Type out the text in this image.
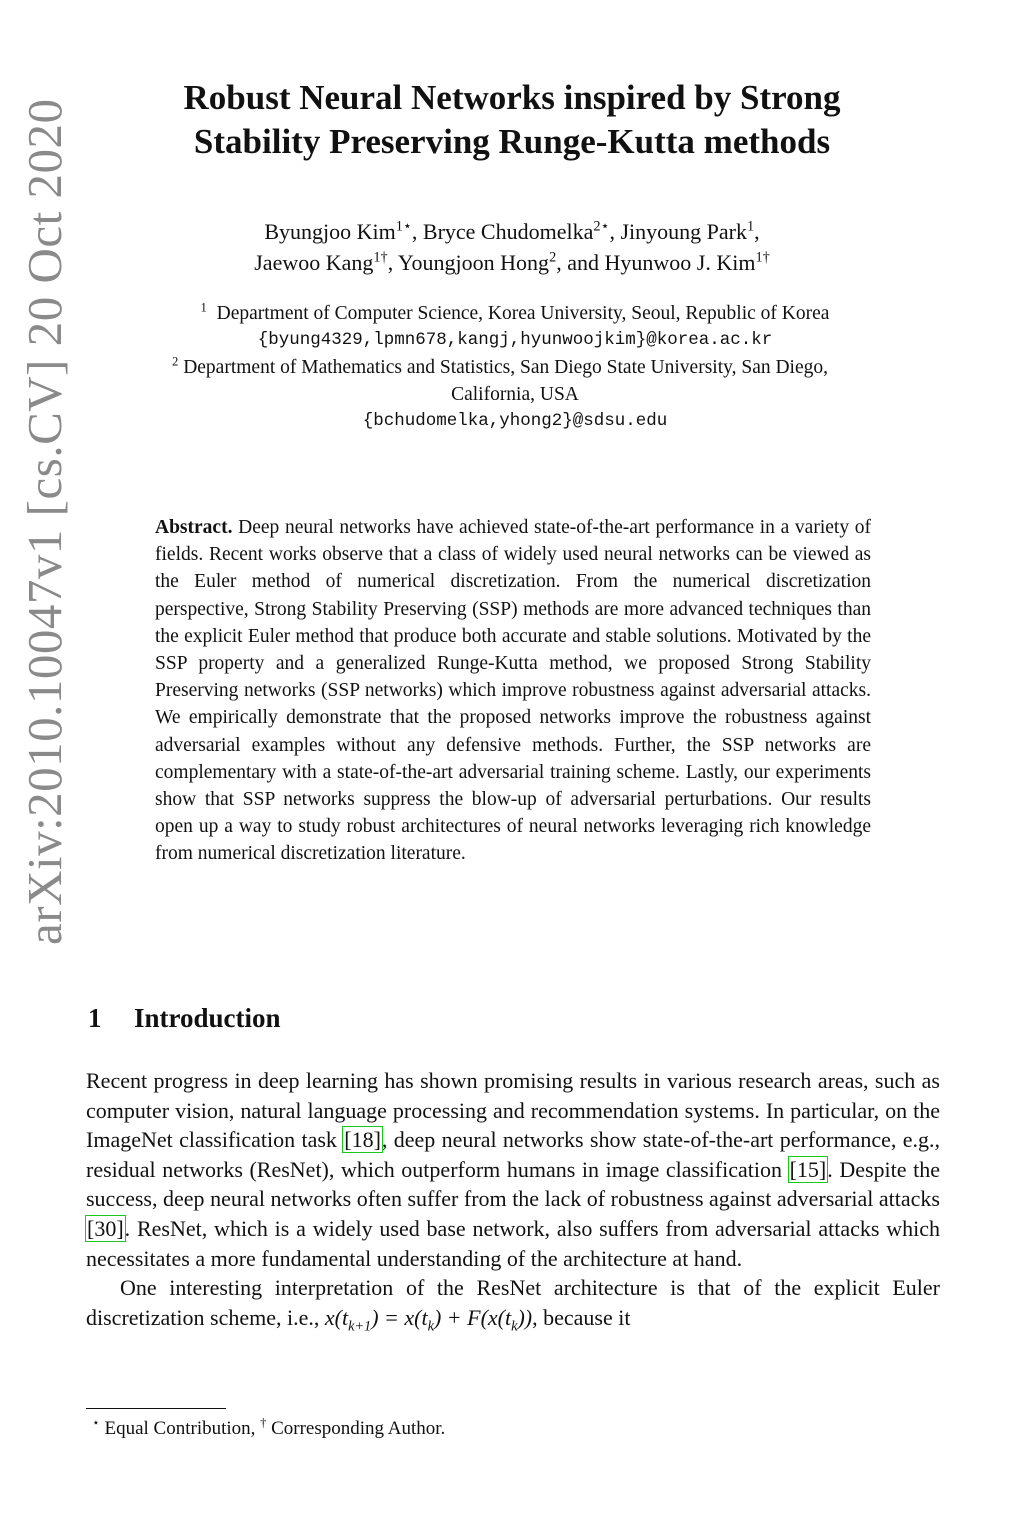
arXiv:2010.10047v1 [cs.CV] 20 Oct 2020
Robust Neural Networks inspired by Strong
Stability Preserving Runge-Kutta methods
Byungjoo Kim$^{1⋆}$, Bryce Chudomelka$^{2⋆}$, Jinyoung Park$^1$,
Jaewoo Kang$^{1\dagger}$, Youngjoon Hong$^2$, and Hyunwoo J. Kim$^{1\dagger}$
$^1$ Department of Computer Science, Korea University, Seoul, Republic of Korea
{byung4329,lpmn678,kangj,hyunwoojkim}@korea.ac.kr
$^2$ Department of Mathematics and Statistics, San Diego State University, San Diego,
California, USA
{bchudomelka,yhong2}@sdsu.edu
Abstract. Deep neural networks have achieved state-of-the-art performance in a variety of fields. Recent works observe that a class of widely used neural networks can be viewed as the Euler method of numerical discretization. From the numerical discretization perspective, Strong Stability Preserving (SSP) methods are more advanced techniques than the explicit Euler method that produce both accurate and stable solutions. Motivated by the SSP property and a generalized Runge-Kutta method, we proposed Strong Stability Preserving networks (SSP networks) which improve robustness against adversarial attacks. We empirically demonstrate that the proposed networks improve the robustness against adversarial examples without any defensive methods. Further, the SSP networks are complementary with a state-of-the-art adversarial training scheme. Lastly, our experiments show that SSP networks suppress the blow-up of adversarial perturbations. Our results open up a way to study robust architectures of neural networks leveraging rich knowledge from numerical discretization literature.
1 Introduction

Recent progress in deep learning has shown promising results in various research areas, such as computer vision, natural language processing and recommendation systems. In particular, on the ImageNet classification task [18], deep neural networks show state-of-the-art performance, e.g., residual networks (ResNet), which outperform humans in image classification [15]. Despite the success, deep neural networks often suffer from the lack of robustness against adversarial attacks [30]. ResNet, which is a widely used base network, also suffers from adversarial attacks which necessitates a more fundamental understanding of the architecture at hand.

One interesting interpretation of the ResNet architecture is that of the explicit Euler discretization scheme, i.e., $x(t_{k+1}) = x(t_k) + F(x(t_k))$, because it

⋆ Equal Contribution, † Corresponding Author.
